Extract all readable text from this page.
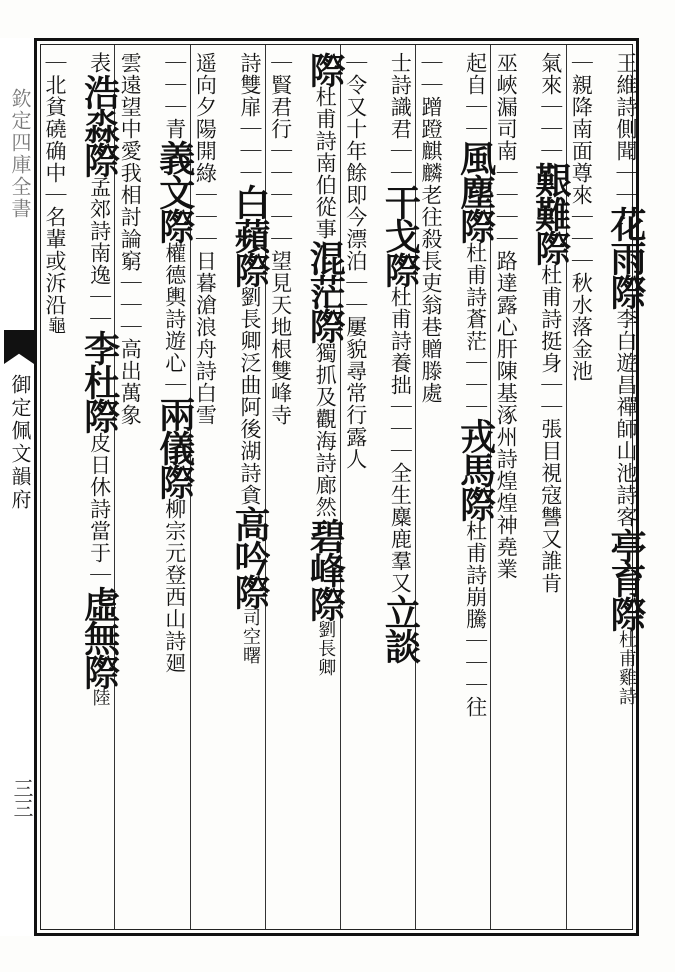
欽定四庫全書
御定佩文韻府
三三
王維詩側聞｜｜花雨際李白遊昌禪師山池詩客亭育際杜甫雞詩
｜親降南面尊來｜｜｜秋水落金池
氣來｜｜｜艱難際杜甫詩挺身｜｜張目視寇讐又誰肯
巫峽漏司南｜｜｜｜路達露心肝陳基涿州詩煌煌神堯業
起自｜｜風塵際杜甫詩蒼茫｜｜｜戎馬際杜甫詩崩騰｜｜｜往
｜｜蹭蹬麒麟老往殺長吏翁巷贈滕處
士詩識君｜｜干戈際杜甫詩養拙｜｜｜全生麋鹿羣又立談
｜令又十年餘即今漂泊｜｜屢貌尋常行露人
際杜甫詩南伯從事混茫際獨抓及觀海詩廊然碧峰際劉長卿
｜賢君行｜｜｜｜｜望見天地根雙峰寺
詩雙扉｜｜｜白蘋際劉長卿泛曲阿後湖詩貪高吟際司空曙
遥向夕陽開綠｜｜｜日暮滄浪舟詩白雪
｜｜｜青義文際權德輿詩遊心｜兩儀際柳宗元登西山詩廻
雲遠望中愛我相討論窮｜｜｜高出萬象
表浩淼際孟郊詩南逸｜｜李杜際皮日休詩當于｜虛無際陸
｜北貧磽确中｜名輩或泝沿龜
